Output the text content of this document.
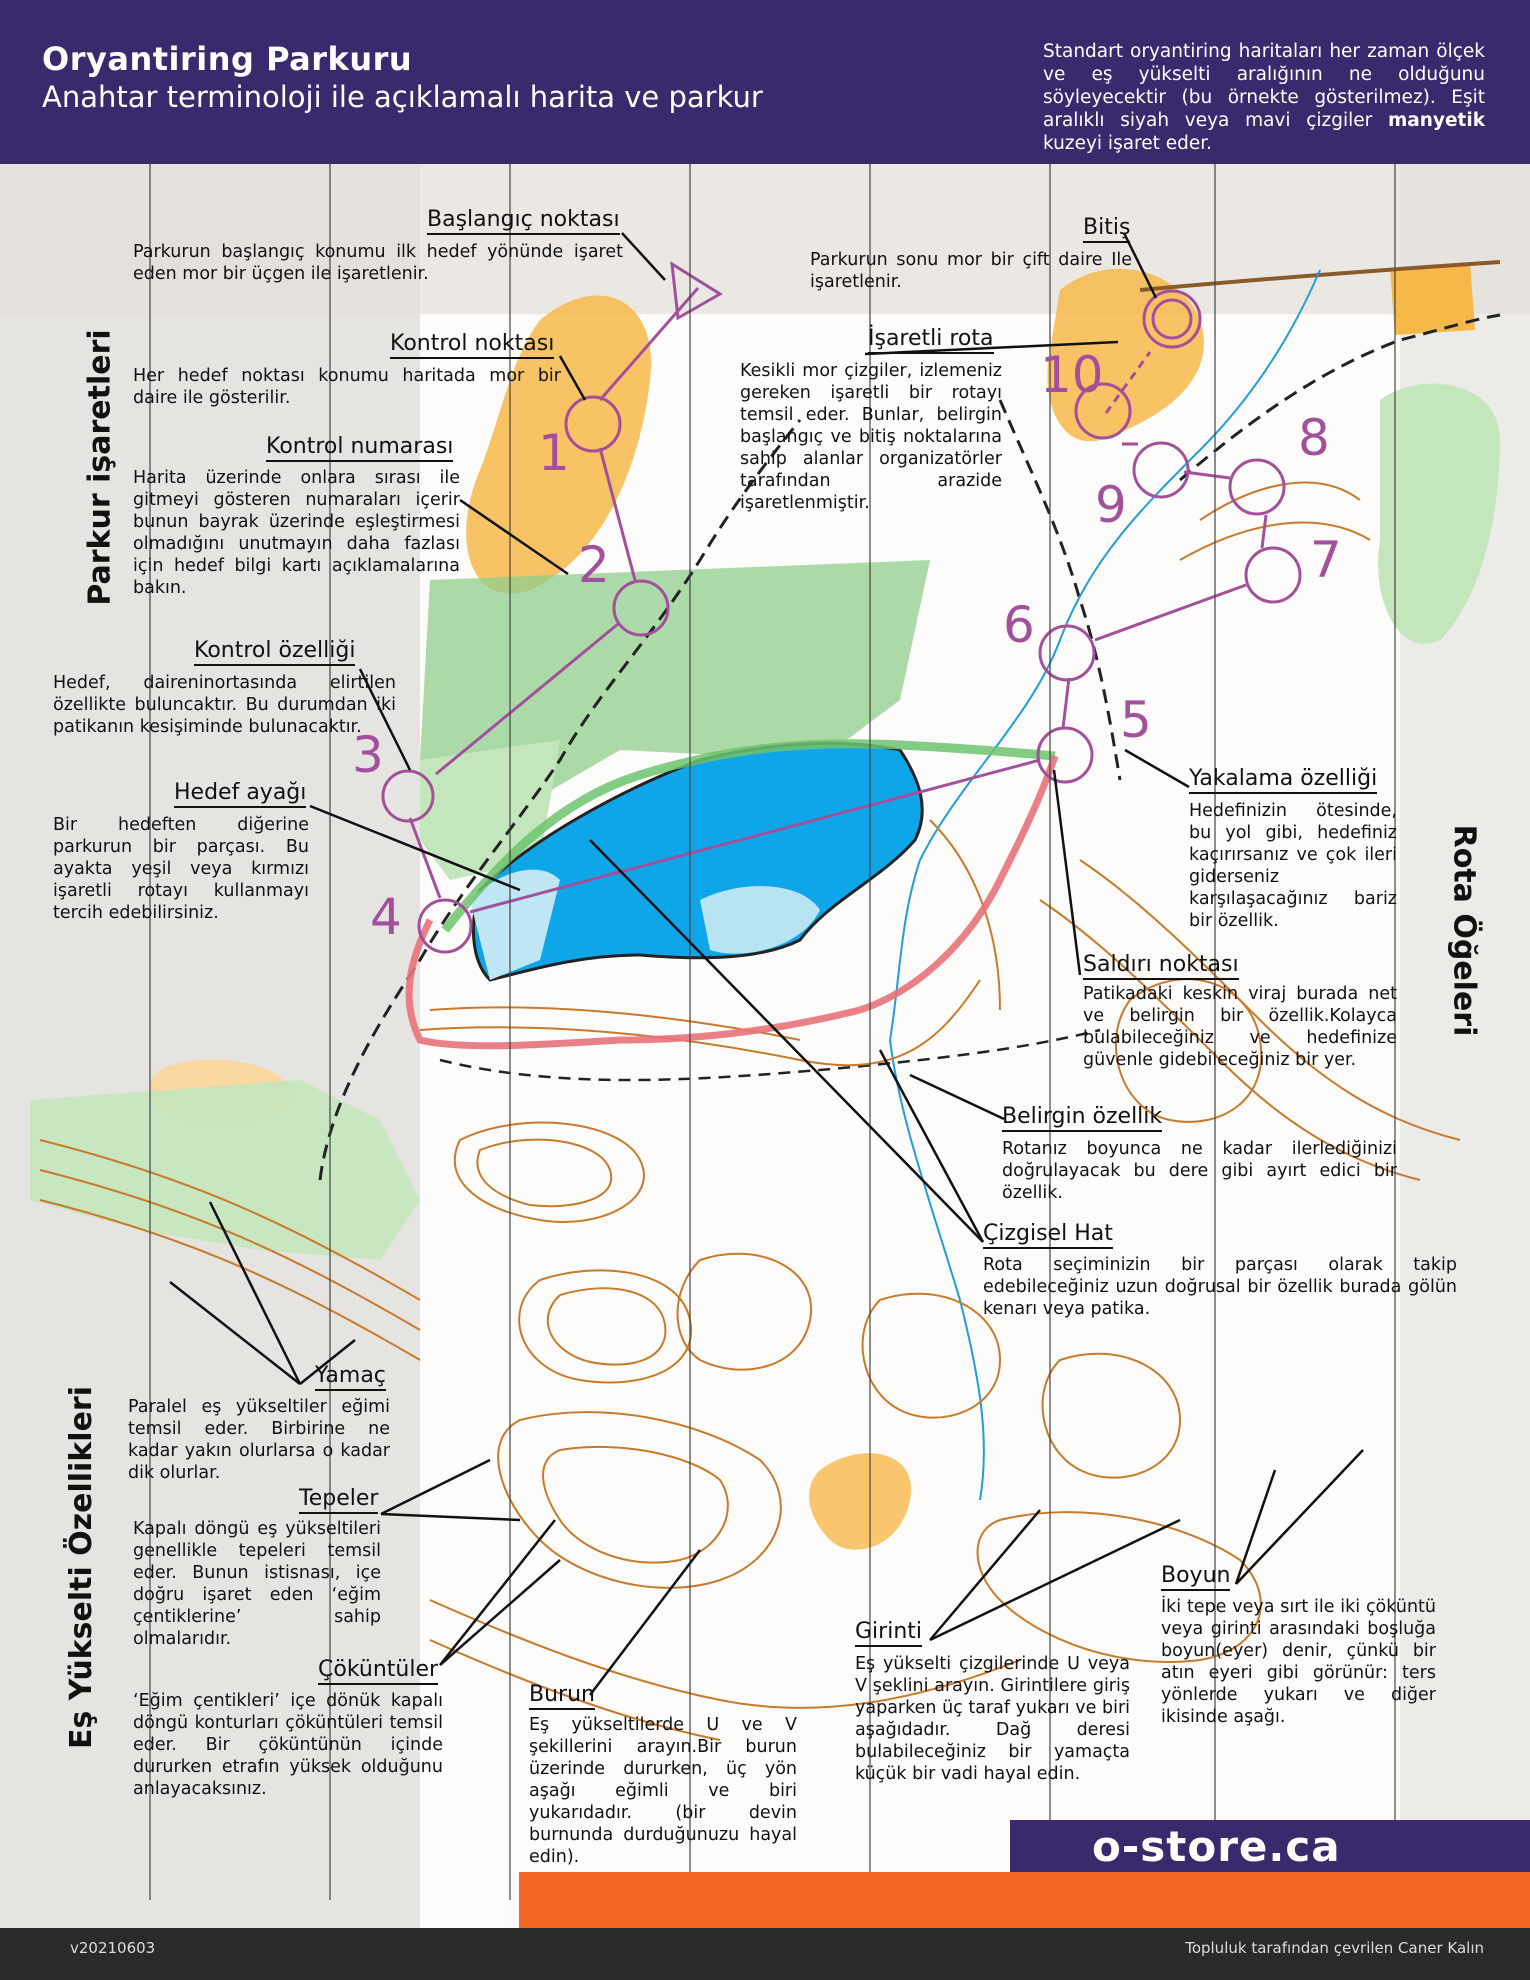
Oryantiring Parkuru
Anahtar terminoloji ile açıklamalı harita ve parkur
Standart oryantiring haritaları her zaman ölçek ve eş yükselti aralığının ne olduğunu söyleyecektir (bu örnekte gösterilmez). Eşit aralıklı siyah veya mavi çizgiler manyetik kuzeyi işaret eder.
1
2
3
4
5
6
7
8
9
10
Parkur işaretleri
Rota Öğeleri
Eş Yükselti Özellikleri
Başlangıç noktası
Parkurun başlangıç konumu ilk hedef yönünde işaret eden mor bir üçgen ile işaretlenir.
Kontrol noktası
Her hedef noktası konumu haritada mor bir daire ile gösterilir.
Kontrol numarası
Harita üzerinde onlara sırası ile gitmeyi gösteren numaraları içerir bunun bayrak üzerinde eşleştirmesi olmadığını unutmayın daha fazlası için hedef bilgi kartı açıklamalarına bakın.
Kontrol özelliği
Hedef, daireninortasında elirtilen özellikte buluncaktır. Bu durumdan iki patikanın kesişiminde bulunacaktır.
Hedef ayağı
Bir hedeften diğerine parkurun bir parçası. Bu ayakta yeşil veya kırmızı işaretli rotayı kullanmayı tercih edebilirsiniz.
Bitiş
Parkurun sonu mor bir çift daire Ile işaretlenir.
İşaretli rota
Kesikli mor çizgiler, izlemeniz gereken işaretli bir rotayı temsil eder. Bunlar, belirgin başlangıç ve bitiş noktalarına sahip alanlar organizatörler tarafından arazide işaretlenmiştir.
Yakalama özelliği
Hedefinizin ötesinde, bu yol gibi, hedefiniz kaçırırsanız ve çok ileri giderseniz karşılaşacağınız bariz bir özellik.
Saldırı noktası
Patikadaki keskin viraj burada net ve belirgin bir özellik.Kolayca bulabileceğiniz ve hedefinize güvenle gidebileceğiniz bir yer.
Belirgin özellik
Rotanız boyunca ne kadar ilerlediğinizi doğrulayacak bu dere gibi ayırt edici bir özellik.
Çizgisel Hat
Rota seçiminizin bir parçası olarak takip edebileceğiniz uzun doğrusal bir özellik burada gölün kenarı veya patika.
Yamaç
Paralel eş yükseltiler eğimi temsil eder. Birbirine ne kadar yakın olurlarsa o kadar dik olurlar.
Tepeler
Kapalı döngü eş yükseltileri genellikle tepeleri temsil eder. Bunun istisnası, içe doğru işaret eden ‘eğim çentiklerine’ sahip olmalarıdır.
Çöküntüler
‘Eğim çentikleri’ içe dönük kapalı döngü konturları çöküntüleri temsil eder. Bir çöküntünün içinde dururken etrafın yüksek olduğunu anlayacaksınız.
Burun
Eş yükseltilerde U ve V şekillerini arayın.Bir burun üzerinde dururken, üç yön aşağı eğimli ve biri yukarıdadır. (bir devin burnunda durduğunuzu hayal edin).
Girinti
Eş yükselti çizgilerinde U veya V şeklini arayın. Girintilere giriş yaparken üç taraf yukarı ve biri aşağıdadır. Dağ deresi bulabileceğiniz bir yamaçta küçük bir vadi hayal edin.
Boyun
İki tepe veya sırt ile iki çöküntü veya girinti arasındaki boşluğa boyun(eyer) denir, çünkü bir atın eyeri gibi görünür: ters yönlerde yukarı ve diğer ikisinde aşağı.
o-store.ca
v20210603	Topluluk tarafından çevrilen Caner Kalın
